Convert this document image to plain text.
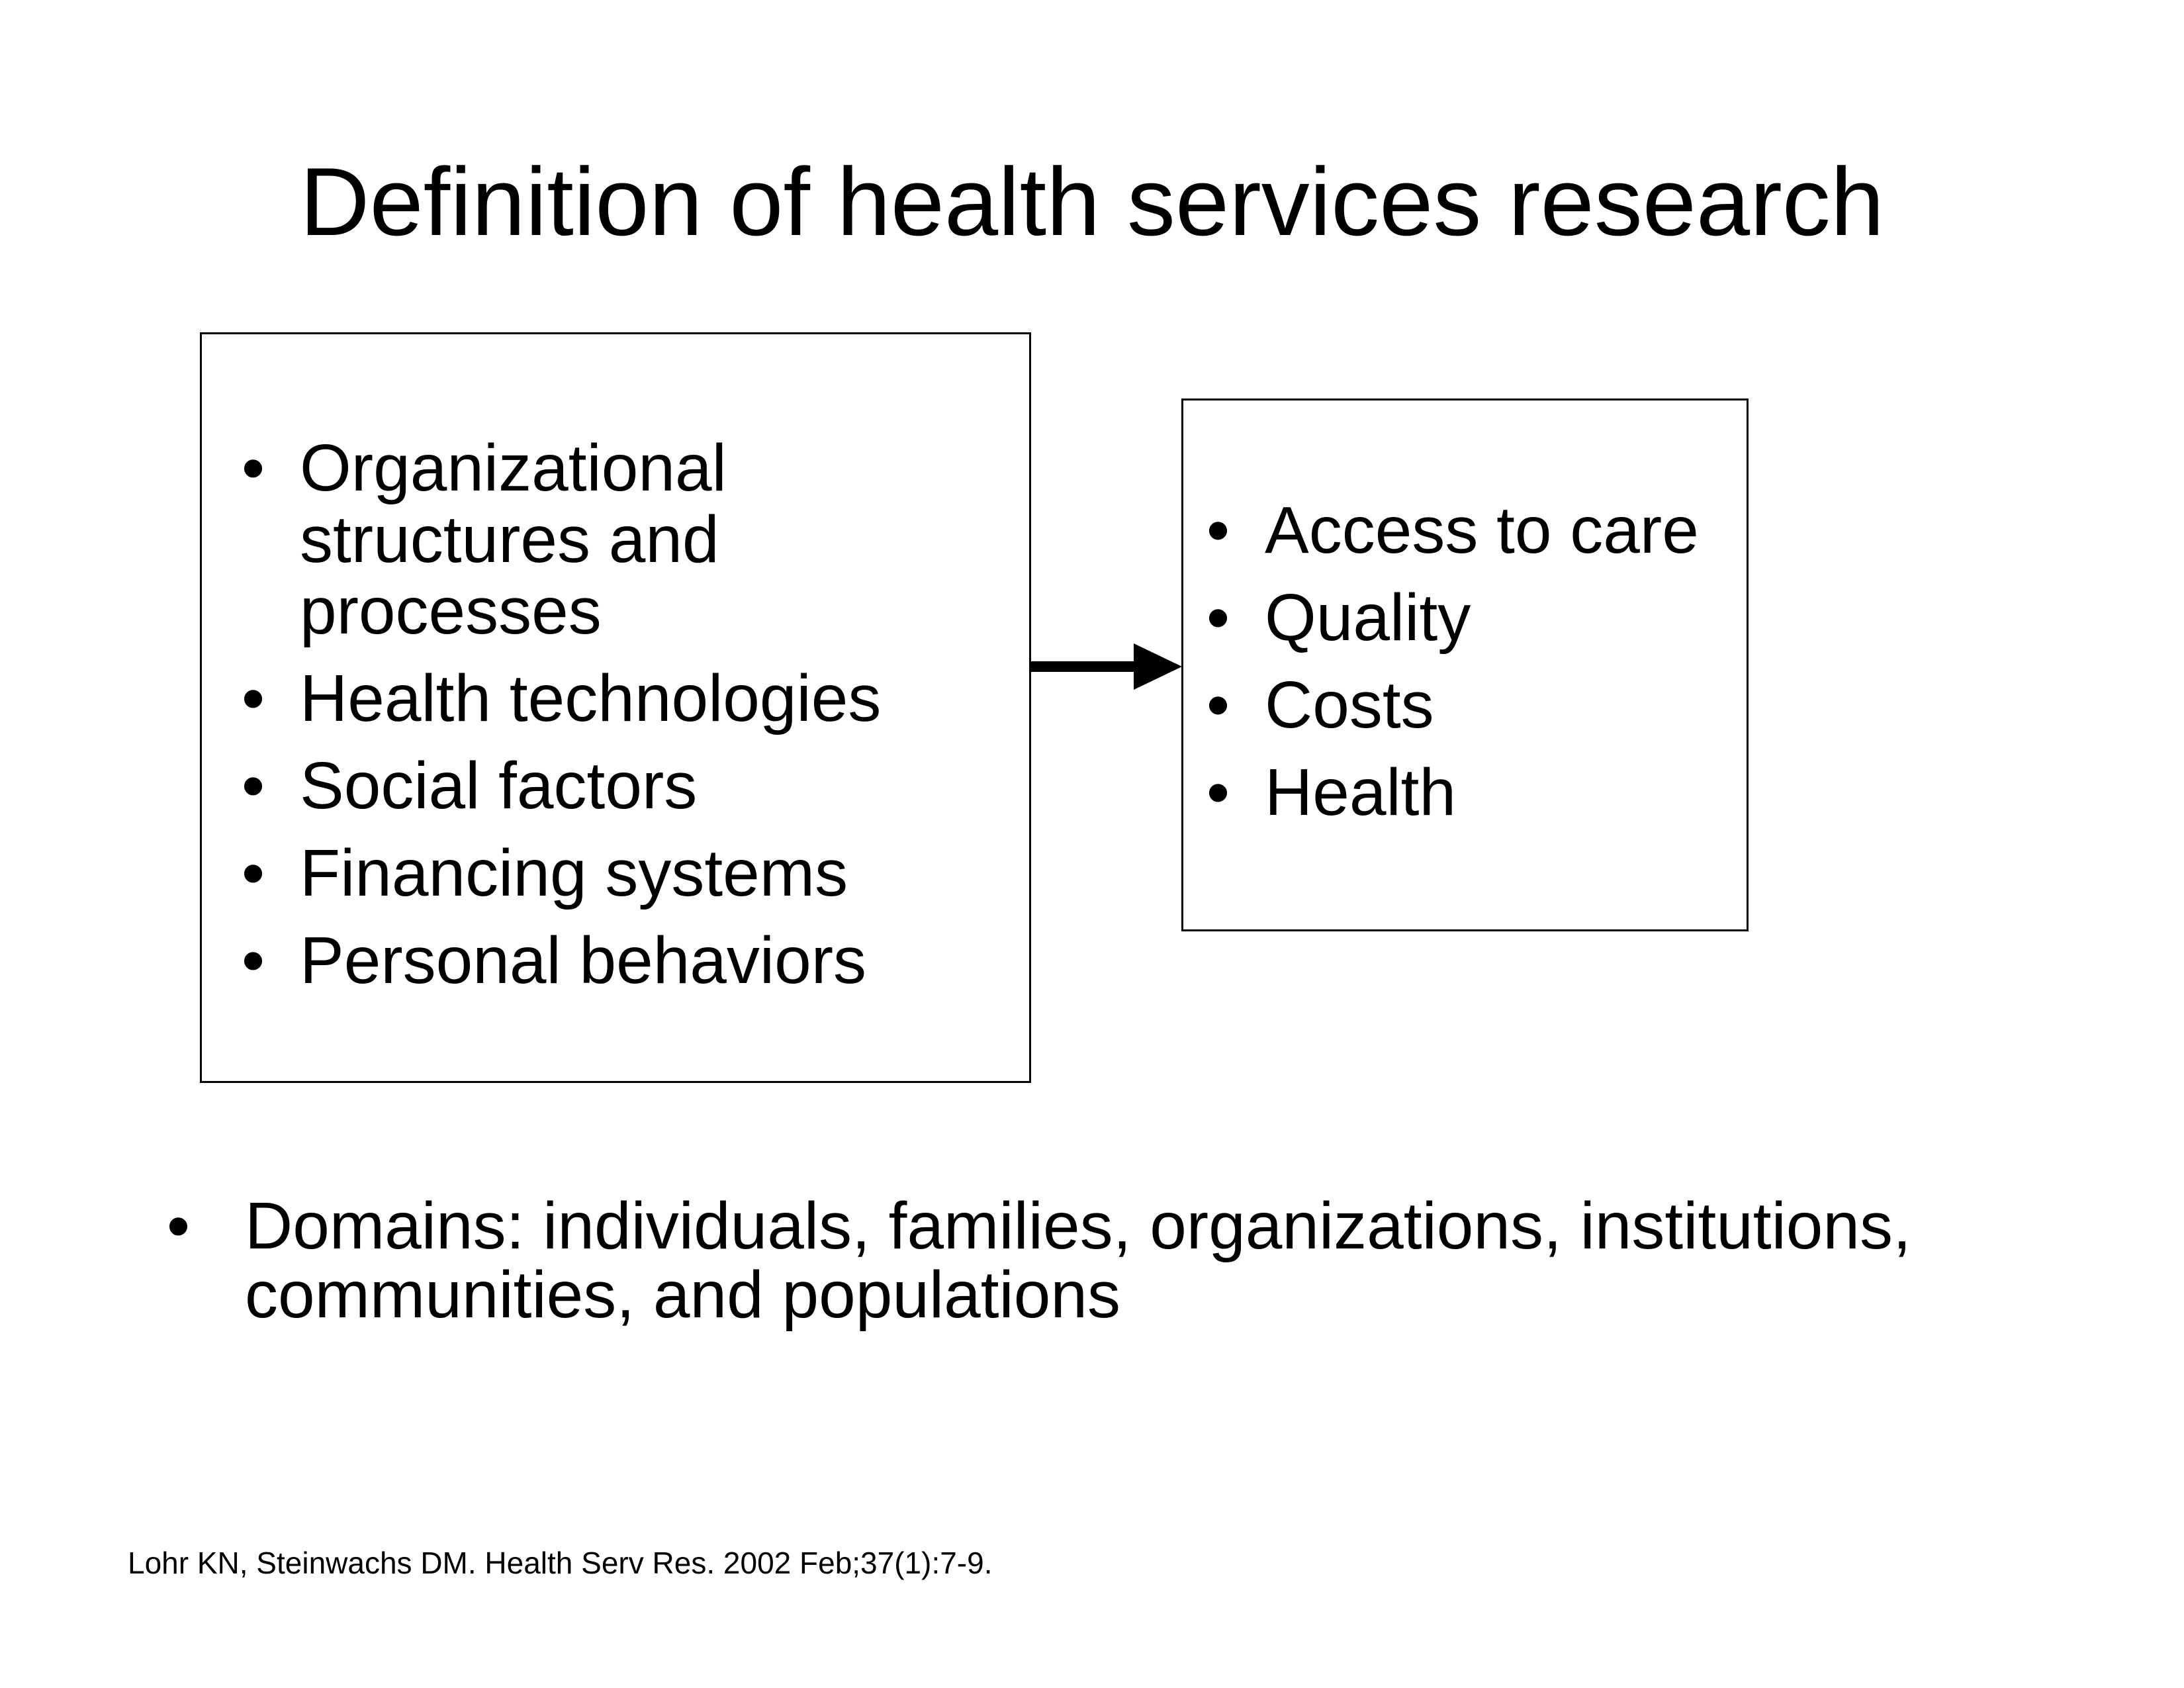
Definition of health services research
• Organizational structures and processes
• Health technologies
• Social factors
• Financing systems
• Personal behaviors
• Access to care
• Quality
• Costs
• Health
• Domains: individuals, families, organizations, institutions, communities, and populations
Lohr KN, Steinwachs DM. Health Serv Res. 2002 Feb;37(1):7-9.
